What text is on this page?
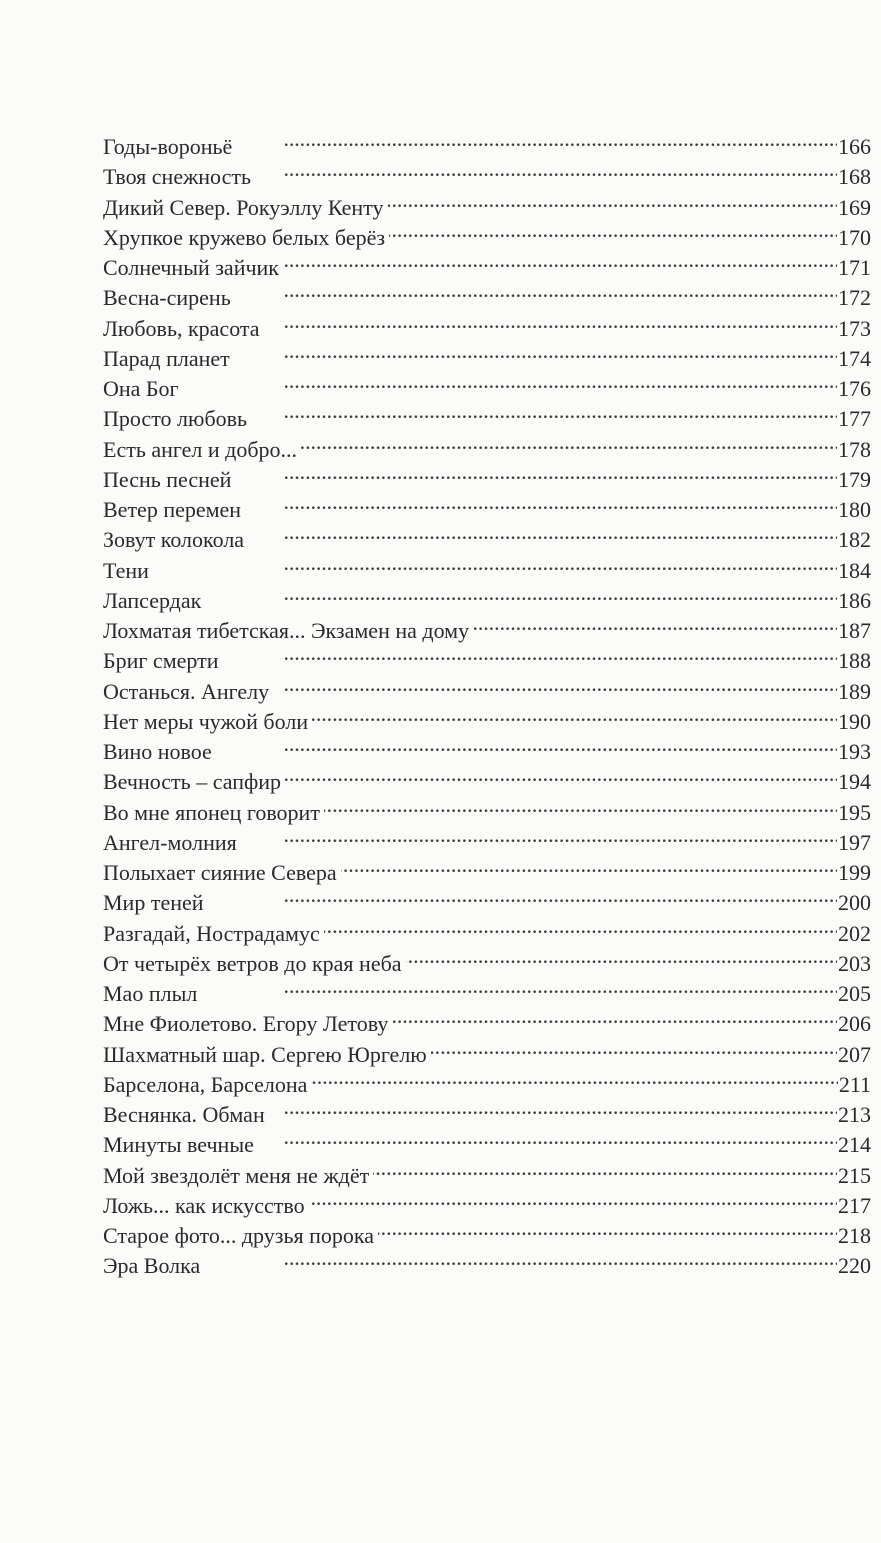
Годы-вороньё . . .	166
Твоя снежность . . .	168
Дикий Север. Рокуэллу Кенту . . .	169
Хрупкое кружево белых берёз . . .	170
Солнечный зайчик . . .	171
Весна-сирень . . .	172
Любовь, красота . . .	173
Парад планет . . .	174
Она Бог . . .	176
Просто любовь . . .	177
Есть ангел и добро... . . .	178
Песнь песней . . .	179
Ветер перемен . . .	180
Зовут колокола . . .	182
Тени . . .	184
Лапсердак . . .	186
Лохматая тибетская... Экзамен на дому . . .	187
Бриг смерти . . .	188
Останься. Ангелу . . .	189
Нет меры чужой боли . . .	190
Вино новое . . .	193
Вечность – сапфир . . .	194
Во мне японец говорит . . .	195
Ангел-молния . . .	197
Полыхает сияние Севера . . .	199
Мир теней . . .	200
Разгадай, Нострадамус . . .	202
От четырёх ветров до края неба . . .	203
Мао плыл . . .	205
Мне Фиолетово. Егору Летову . . .	206
Шахматный шар. Сергею Юргелю . . .	207
Барселона, Барселона . . .	211
Веснянка. Обман . . .	213
Минуты вечные . . .	214
Мой звездолёт меня не ждёт . . .	215
Ложь... как искусство . . .	217
Старое фото... друзья порока . . .	218
Эра Волка . . .	220
